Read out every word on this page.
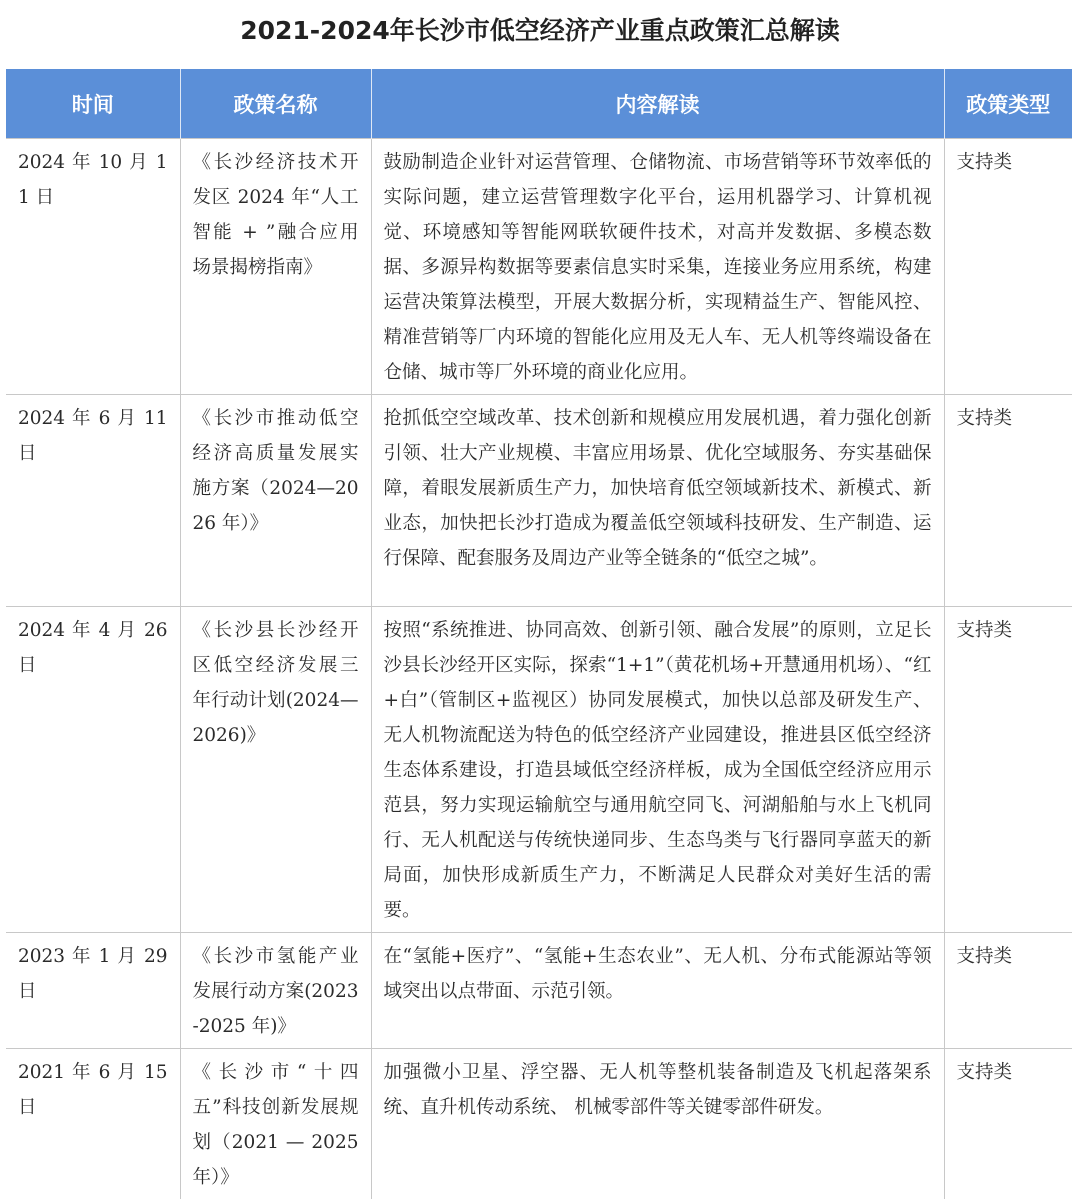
2021-2024年长沙市低空经济产业重点政策汇总解读
时间	政策名称	内容解读	政策类型
2024 年 10 月 11 日	《长沙经济技术开发区 2024 年“人工智能 + ”融合应用场景揭榜指南》	鼓励制造企业针对运营管理、仓储物流、市场营销等环节效率低的实际问题，建立运营管理数字化平台，运用机器学习、计算机视觉、环境感知等智能网联软硬件技术，对高并发数据、多模态数据、多源异构数据等要素信息实时采集，连接业务应用系统，构建运营决策算法模型，开展大数据分析，实现精益生产、智能风控、精准营销等厂内环境的智能化应用及无人车、无人机等终端设备在仓储、城市等厂外环境的商业化应用。	支持类
2024 年 6 月 11 日	《长沙市推动低空经济高质量发展实施方案（2024—2026 年）》	抢抓低空空域改革、技术创新和规模应用发展机遇，着力强化创新引领、壮大产业规模、丰富应用场景、优化空域服务、夯实基础保障，着眼发展新质生产力，加快培育低空领域新技术、新模式、新业态，加快把长沙打造成为覆盖低空领域科技研发、生产制造、运行保障、配套服务及周边产业等全链条的“低空之城”。	支持类
2024 年 4 月 26 日	《长沙县长沙经开区低空经济发展三年行动计划(2024—2026)》	按照“系统推进、协同高效、创新引领、融合发展”的原则，立足长沙县长沙经开区实际，探索“1+1”（黄花机场+开慧通用机场）、“红+白”（管制区+监视区）协同发展模式，加快以总部及研发生产、无人机物流配送为特色的低空经济产业园建设，推进县区低空经济生态体系建设，打造县域低空经济样板，成为全国低空经济应用示范县，努力实现运输航空与通用航空同飞、河湖船舶与水上飞机同行、无人机配送与传统快递同步、生态鸟类与飞行器同享蓝天的新局面，加快形成新质生产力，不断满足人民群众对美好生活的需要。	支持类
2023 年 1 月 29 日	《长沙市氢能产业发展行动方案(2023-2025 年)》	在“氢能+医疗”、“氢能+生态农业”、无人机、分布式能源站等领域突出以点带面、示范引领。	支持类
2021 年 6 月 15 日	《长沙市“十四五”科技创新发展规划（2021 — 2025 年）》	加强微小卫星、浮空器、无人机等整机装备制造及飞机起落架系统、直升机传动系统、 机械零部件等关键零部件研发。	支持类
